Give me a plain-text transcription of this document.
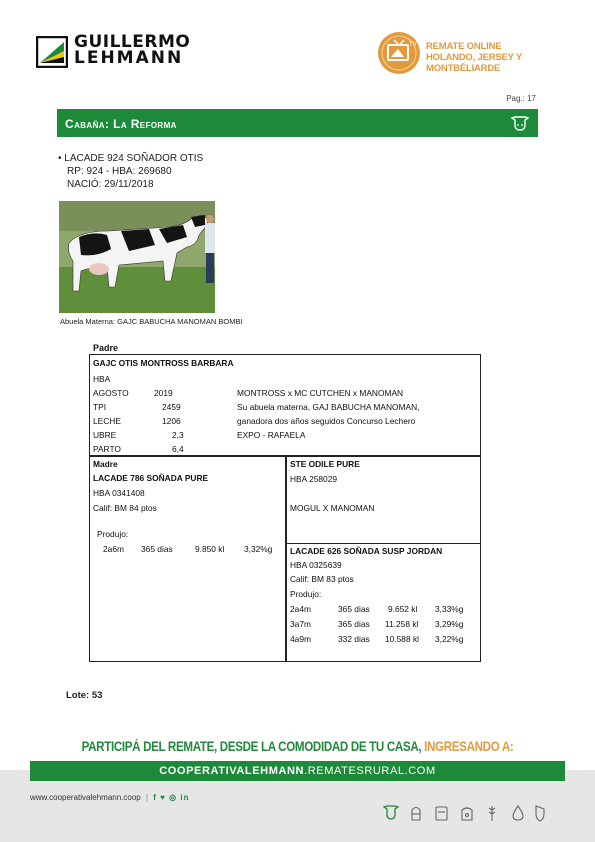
GUILLERMO
LEHMANN
TV REMATE ONLINE
HOLANDO, JERSEY Y MONTBÉLIARDE
Pag.: 17
Cabaña: La Reforma
• LACADE 924 SOÑADOR OTIS
RP: 924 - HBA: 269680
NACIÓ: 29/11/2018
Abuela Materna: GAJC BABUCHA MANOMAN BOMBI
Padre
GAJC OTIS MONTROSS BARBARA
HBA
AGOSTO	2019
TPI	2459
LECHE	1206
UBRE	2,3
PARTO	6,4
MONTROSS x MC CUTCHEN x MANOMAN
Su abuela materna, GAJ BABUCHA MANOMAN,
ganadora dos años seguidos Concurso Lechero
EXPO - RAFAELA
Madre
LACADE 786 SOÑADA PURE
HBA 0341408
Calif: BM 84 ptos
Produjo:
2a6m 365 dias	9.850 kl 3,32%g
STE ODILE PURE
HBA 258029
MOGUL X MANOMAN
LACADE 626 SOÑADA SUSP JORDAN
HBA 0325639
Calif: BM 83 ptos
Produjo:
2a4m	365 dias 9.652 kl 3,33%g
3a7m	365 dias 11.258 kl 3,29%g
4a9m	332 dias 10.588 kl 3,22%g
Lote: 53
PARTICIPÁ DEL REMATE, DESDE LA COMODIDAD DE TU CASA, INGRESANDO A:
COOPERATIVALEHMANN.REMATESRURAL.COM
www.cooperativalehmann.coop | f ♥ ◎ in
